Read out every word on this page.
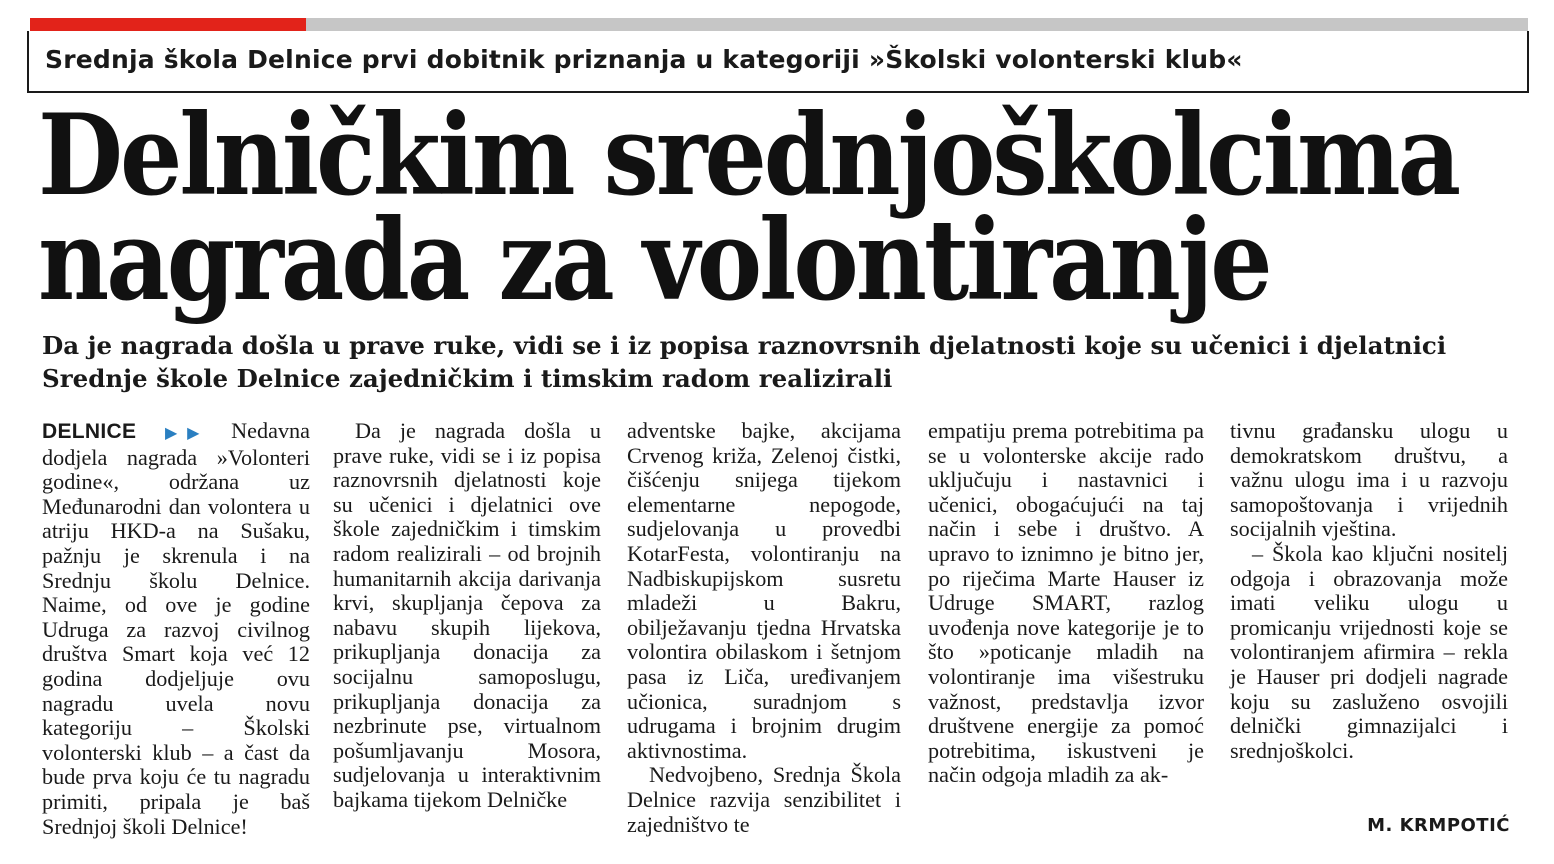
Srednja škola Delnice prvi dobitnik priznanja u kategoriji »Školski volonterski klub«
Delničkim srednjoškolcima
nagrada za volontiranje
Da je nagrada došla u prave ruke, vidi se i iz popisa raznovrsnih djelatnosti koje su učenici i djelatnici Srednje škole Delnice zajedničkim i timskim radom realizirali

DELNICE ▶▶ Nedavna dodjela nagrada »Volonteri godine«, održana uz Međunarodni dan volontera u atriju HKD-a na Sušaku, pažnju je skrenula i na Srednju školu Delnice. Naime, od ove je godine Udruga za razvoj civilnog društva Smart koja već 12 godina dodjeljuje ovu nagradu uvela novu kategoriju – Školski volonterski klub – a čast da bude prva koju će tu nagradu primiti, pripala je baš Srednjoj školi Delnice!

Da je nagrada došla u prave ruke, vidi se i iz popisa raznovrsnih djelatnosti koje su učenici i djelatnici ove škole zajedničkim i timskim radom realizirali – od brojnih humanitarnih akcija darivanja krvi, skupljanja čepova za nabavu skupih lijekova, prikupljanja donacija za socijalnu samoposlugu, prikupljanja donacija za nezbrinute pse, virtualnom pošumljavanju Mosora, sudjelovanja u interaktivnim bajkama tijekom Delničke

adventske bajke, akcijama Crvenog križa, Zelenoj čistki, čišćenju snijega tijekom elementarne nepogode, sudjelovanja u provedbi KotarFesta, volontiranju na Nadbiskupijskom susretu mladeži u Bakru, obilježavanju tjedna Hrvatska volontira obilaskom i šetnjom pasa iz Liča, uređivanjem učionica, suradnjom s udrugama i brojnim drugim aktivnostima.

Nedvojbeno, Srednja Škola Delnice razvija senzibilitet i zajedništvo te

empatiju prema potrebitima pa se u volonterske akcije rado uključuju i nastavnici i učenici, obogaćujući na taj način i sebe i društvo. A upravo to iznimno je bitno jer, po riječima Marte Hauser iz Udruge SMART, razlog uvođenja nove kategorije je to što »poticanje mladih na volontiranje ima višestruku važnost, predstavlja izvor društvene energije za pomoć potrebitima, iskustveni je način odgoja mladih za ak-

tivnu građansku ulogu u demokratskom društvu, a važnu ulogu ima i u razvoju samopoštovanja i vrijednih socijalnih vještina.

– Škola kao ključni nositelj odgoja i obrazovanja može imati veliku ulogu u promicanju vrijednosti koje se volontiranjem afirmira – rekla je Hauser pri dodjeli nagrade koju su zasluženo osvojili delnički gimnazijalci i srednjoškolci.

M. KRMPOTIĆ
